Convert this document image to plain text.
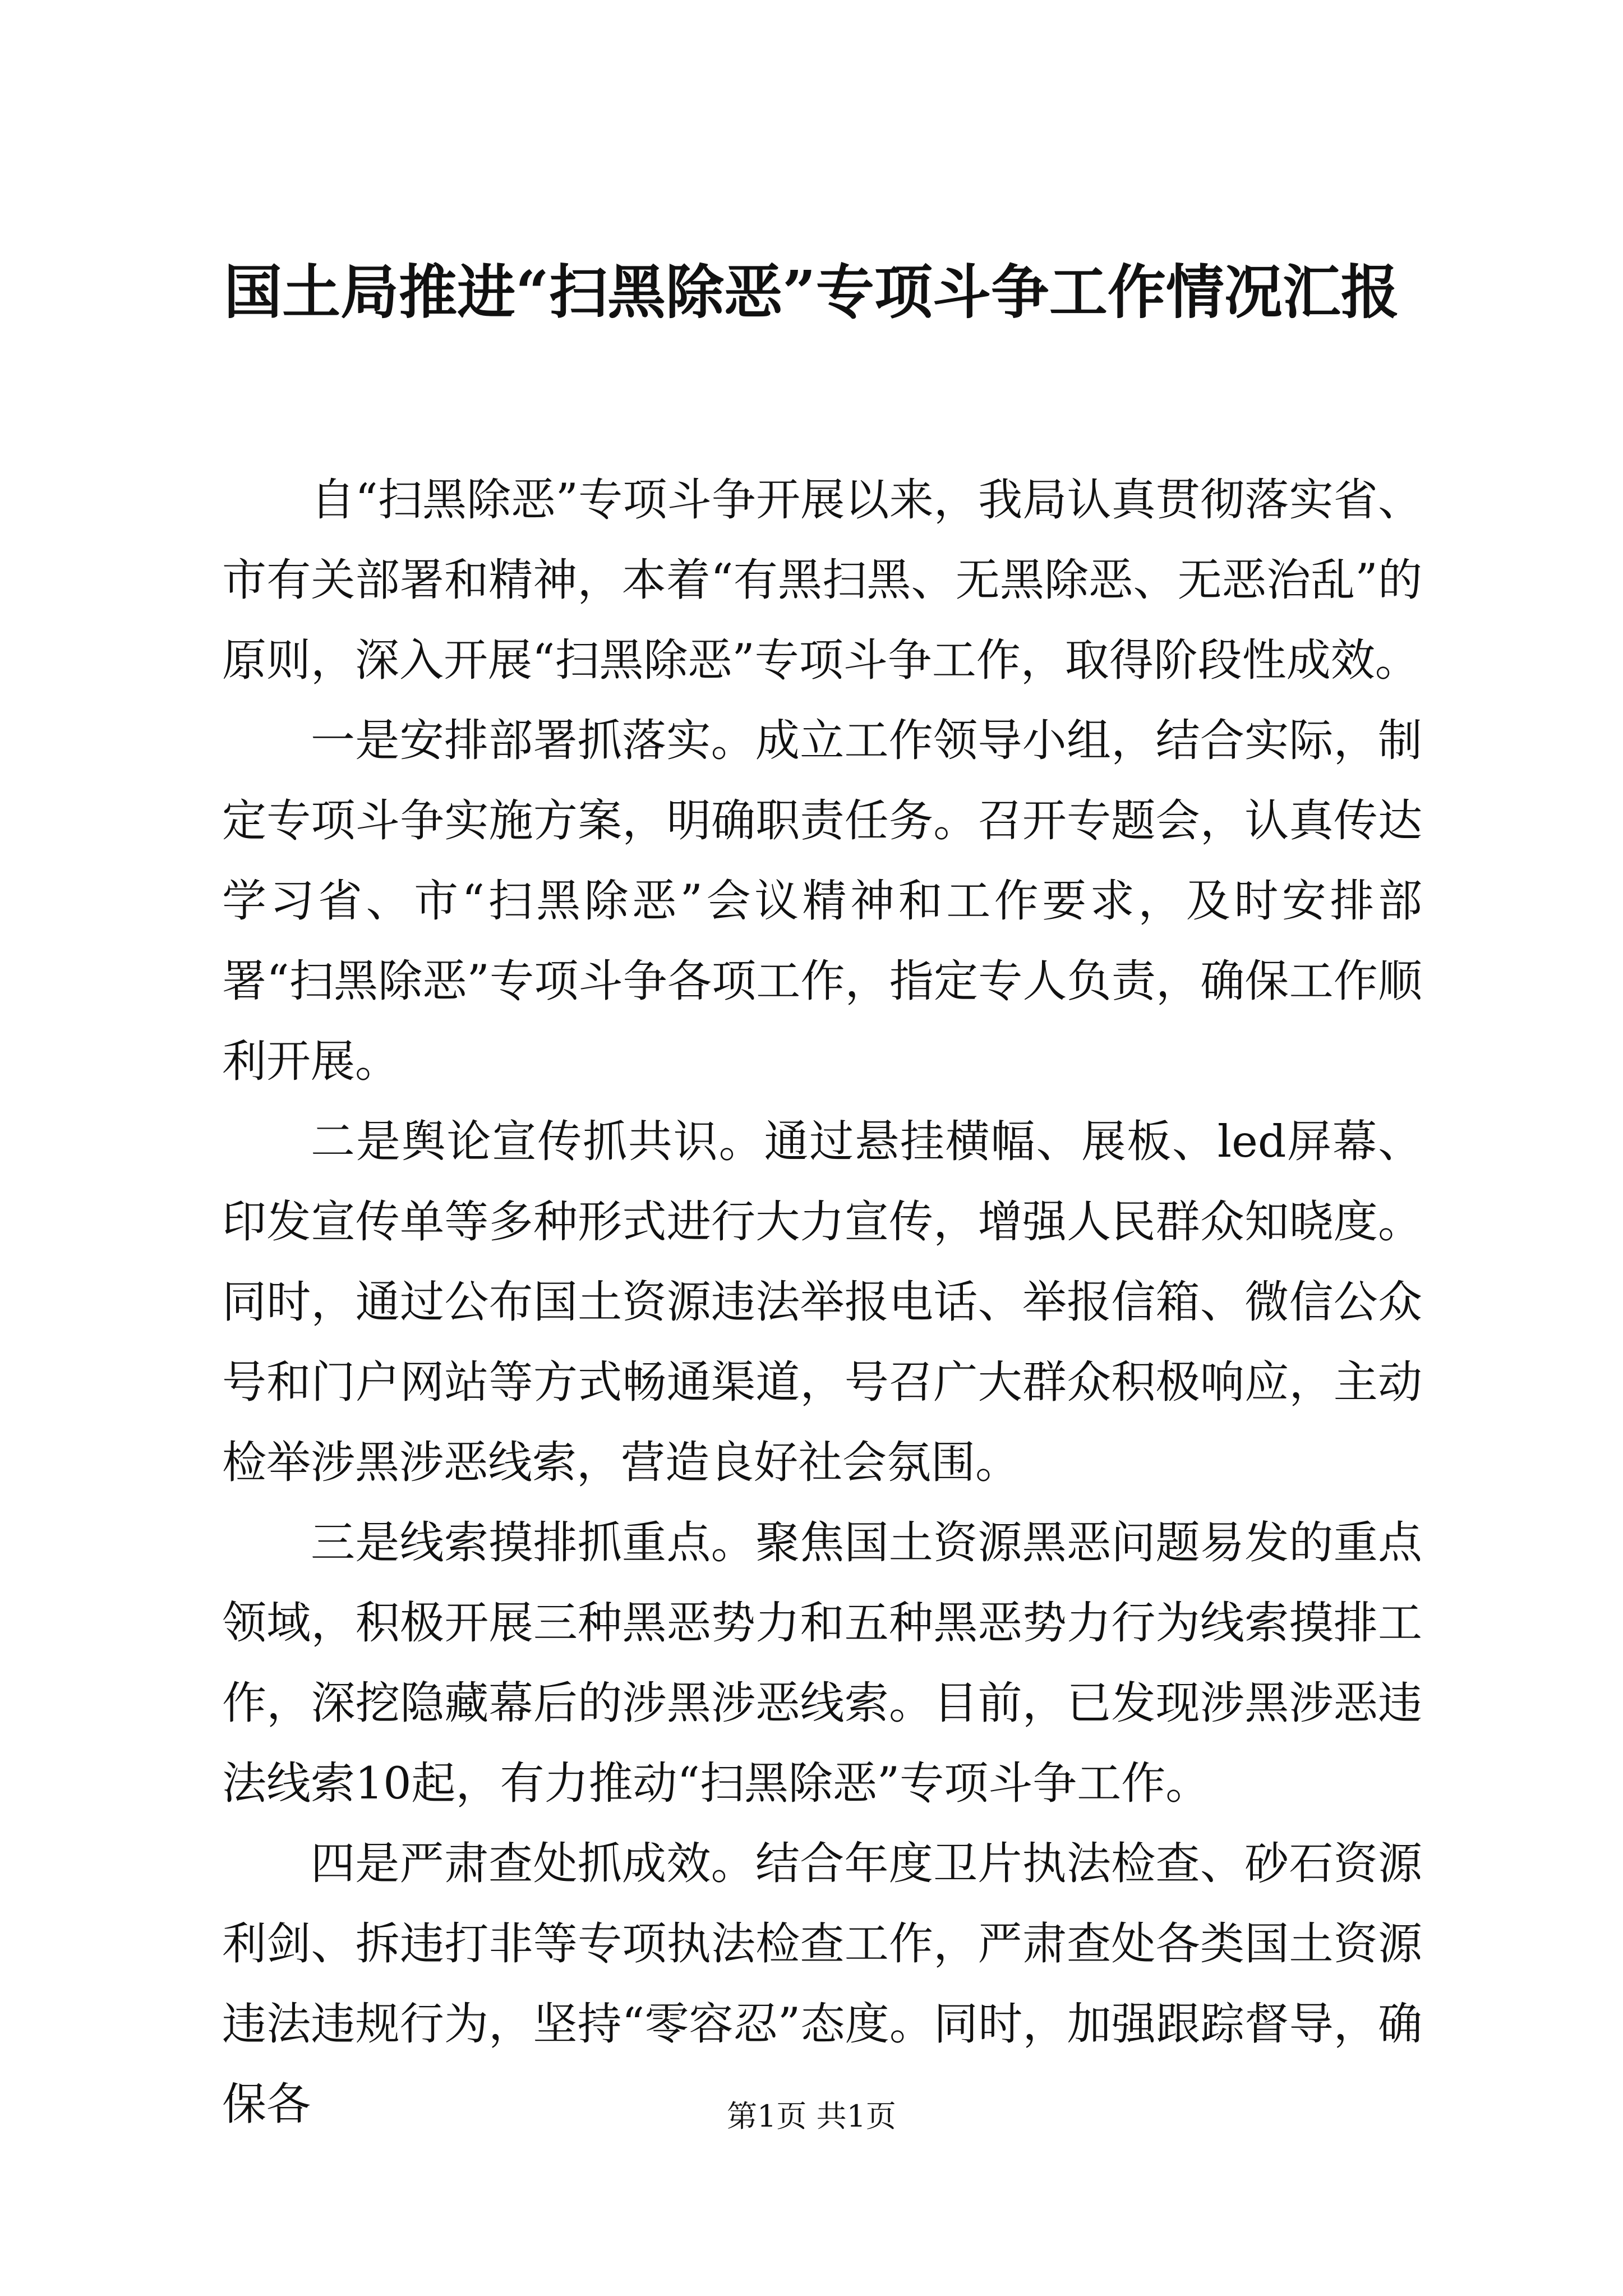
国土局推进“扫黑除恶”专项斗争工作情况汇报

自“扫黑除恶”专项斗争开展以来，我局认真贯彻落实省、市有关部署和精神，本着“有黑扫黑、无黑除恶、无恶治乱”的原则，深入开展“扫黑除恶”专项斗争工作，取得阶段性成效。

一是安排部署抓落实。成立工作领导小组，结合实际，制定专项斗争实施方案，明确职责任务。召开专题会，认真传达学习省、市“扫黑除恶”会议精神和工作要求，及时安排部署“扫黑除恶”专项斗争各项工作，指定专人负责，确保工作顺利开展。

二是舆论宣传抓共识。通过悬挂横幅、展板、led屏幕、印发宣传单等多种形式进行大力宣传，增强人民群众知晓度。同时，通过公布国土资源违法举报电话、举报信箱、微信公众号和门户网站等方式畅通渠道，号召广大群众积极响应，主动检举涉黑涉恶线索，营造良好社会氛围。

三是线索摸排抓重点。聚焦国土资源黑恶问题易发的重点领域，积极开展三种黑恶势力和五种黑恶势力行为线索摸排工作，深挖隐藏幕后的涉黑涉恶线索。目前，已发现涉黑涉恶违法线索10起，有力推动“扫黑除恶”专项斗争工作。

四是严肃查处抓成效。结合年度卫片执法检查、砂石资源利剑、拆违打非等专项执法检查工作，严肃查处各类国土资源违法违规行为，坚持“零容忍”态度。同时，加强跟踪督导，确保各	第1页 共1页
